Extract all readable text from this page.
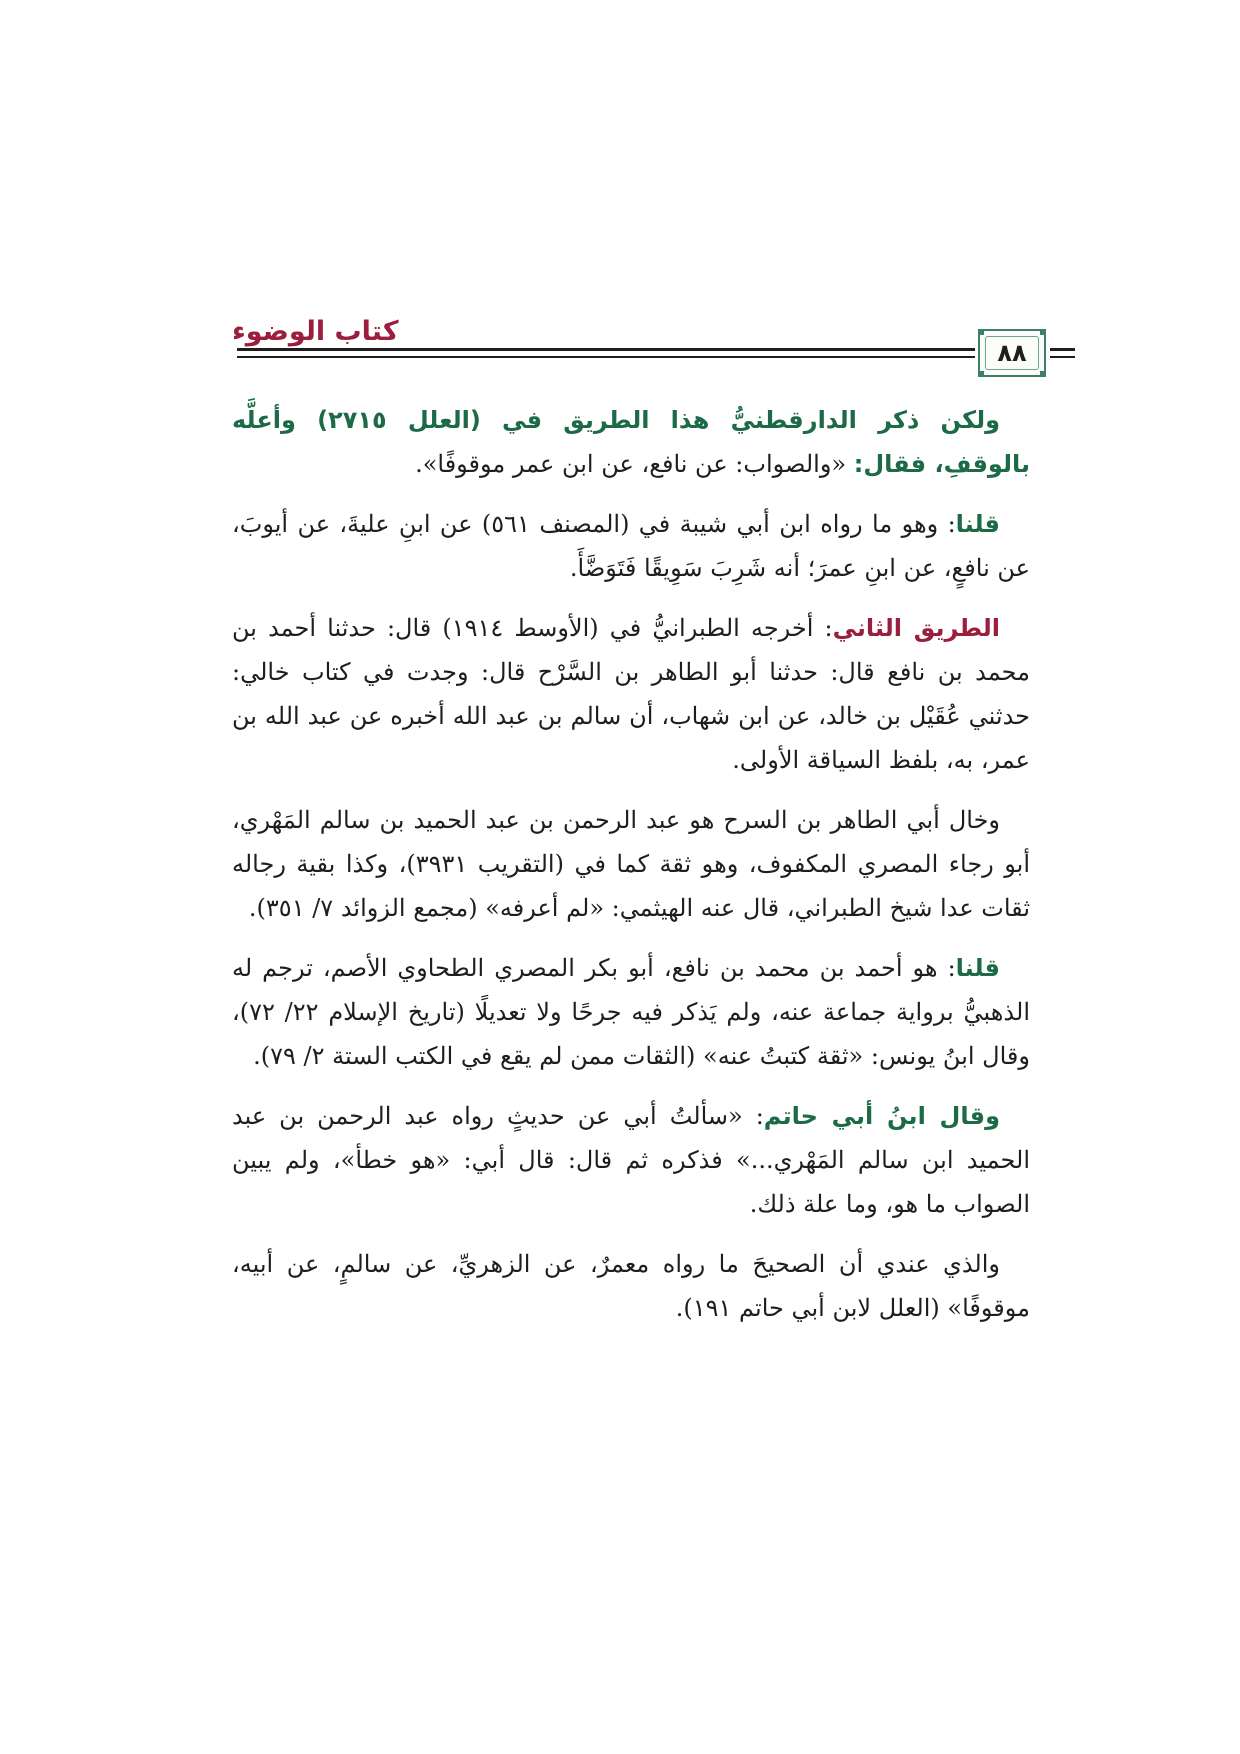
كتاب الوضوء
٨٨

ولكن ذكر الدارقطنيُّ هذا الطريق في (العلل ٢٧١٥) وأعلَّه بالوقفِ، فقال: «والصواب: عن نافع، عن ابن عمر موقوفًا».

قلنا: وهو ما رواه ابن أبي شيبة في (المصنف ٥٦١) عن ابنِ عليةَ، عن أيوبَ، عن نافعٍ، عن ابنِ عمرَ؛ أنه شَرِبَ سَوِيقًا فَتَوَضَّأَ.

الطريق الثاني: أخرجه الطبرانيُّ في (الأوسط ١٩١٤) قال: حدثنا أحمد بن محمد بن نافع قال: حدثنا أبو الطاهر بن السَّرْح قال: وجدت في كتاب خالي: حدثني عُقَيْل بن خالد، عن ابن شهاب، أن سالم بن عبد الله أخبره عن عبد الله بن عمر، به، بلفظ السياقة الأولى.

وخال أبي الطاهر بن السرح هو عبد الرحمن بن عبد الحميد بن سالم المَهْري، أبو رجاء المصري المكفوف، وهو ثقة كما في (التقريب ٣٩٣١)، وكذا بقية رجاله ثقات عدا شيخ الطبراني، قال عنه الهيثمي: «لم أعرفه» (مجمع الزوائد ٧/ ٣٥١).

قلنا: هو أحمد بن محمد بن نافع، أبو بكر المصري الطحاوي الأصم، ترجم له الذهبيُّ برواية جماعة عنه، ولم يَذكر فيه جرحًا ولا تعديلًا (تاريخ الإسلام ٢٢/ ٧٢)، وقال ابنُ يونس: «ثقة كتبتُ عنه» (الثقات ممن لم يقع في الكتب الستة ٢/ ٧٩).

وقال ابنُ أبي حاتم: «سألتُ أبي عن حديثٍ رواه عبد الرحمن بن عبد الحميد ابن سالم المَهْري...» فذكره ثم قال: قال أبي: «هو خطأ»، ولم يبين الصواب ما هو، وما علة ذلك.

والذي عندي أن الصحيحَ ما رواه معمرٌ، عن الزهريِّ، عن سالمٍ، عن أبيه، موقوفًا» (العلل لابن أبي حاتم ١٩١).
